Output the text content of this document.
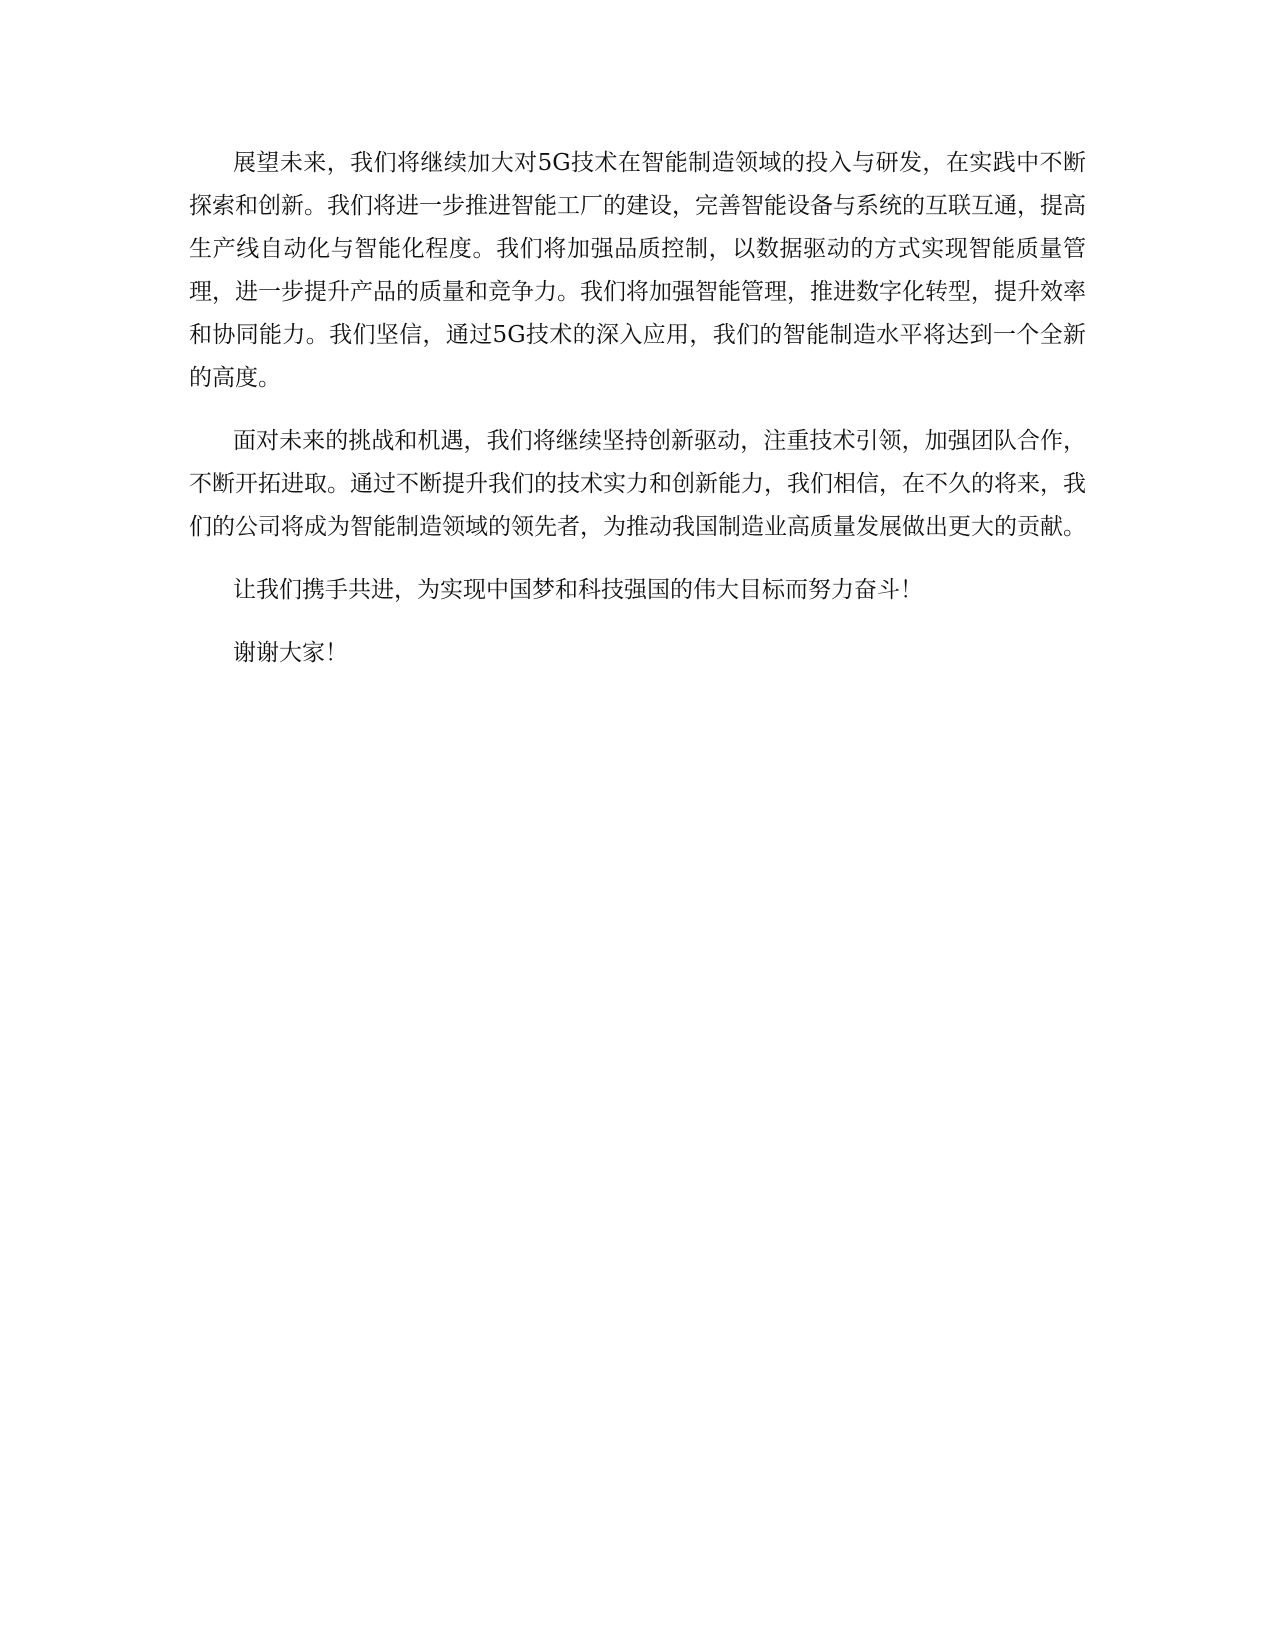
展望未来，我们将继续加大对5G技术在智能制造领域的投入与研发，在实践中不断探索和创新。我们将进一步推进智能工厂的建设，完善智能设备与系统的互联互通，提高生产线自动化与智能化程度。我们将加强品质控制，以数据驱动的方式实现智能质量管理，进一步提升产品的质量和竞争力。我们将加强智能管理，推进数字化转型，提升效率和协同能力。我们坚信，通过5G技术的深入应用，我们的智能制造水平将达到一个全新的高度。

面对未来的挑战和机遇，我们将继续坚持创新驱动，注重技术引领，加强团队合作，不断开拓进取。通过不断提升我们的技术实力和创新能力，我们相信，在不久的将来，我们的公司将成为智能制造领域的领先者，为推动我国制造业高质量发展做出更大的贡献。

让我们携手共进，为实现中国梦和科技强国的伟大目标而努力奋斗！

谢谢大家！
